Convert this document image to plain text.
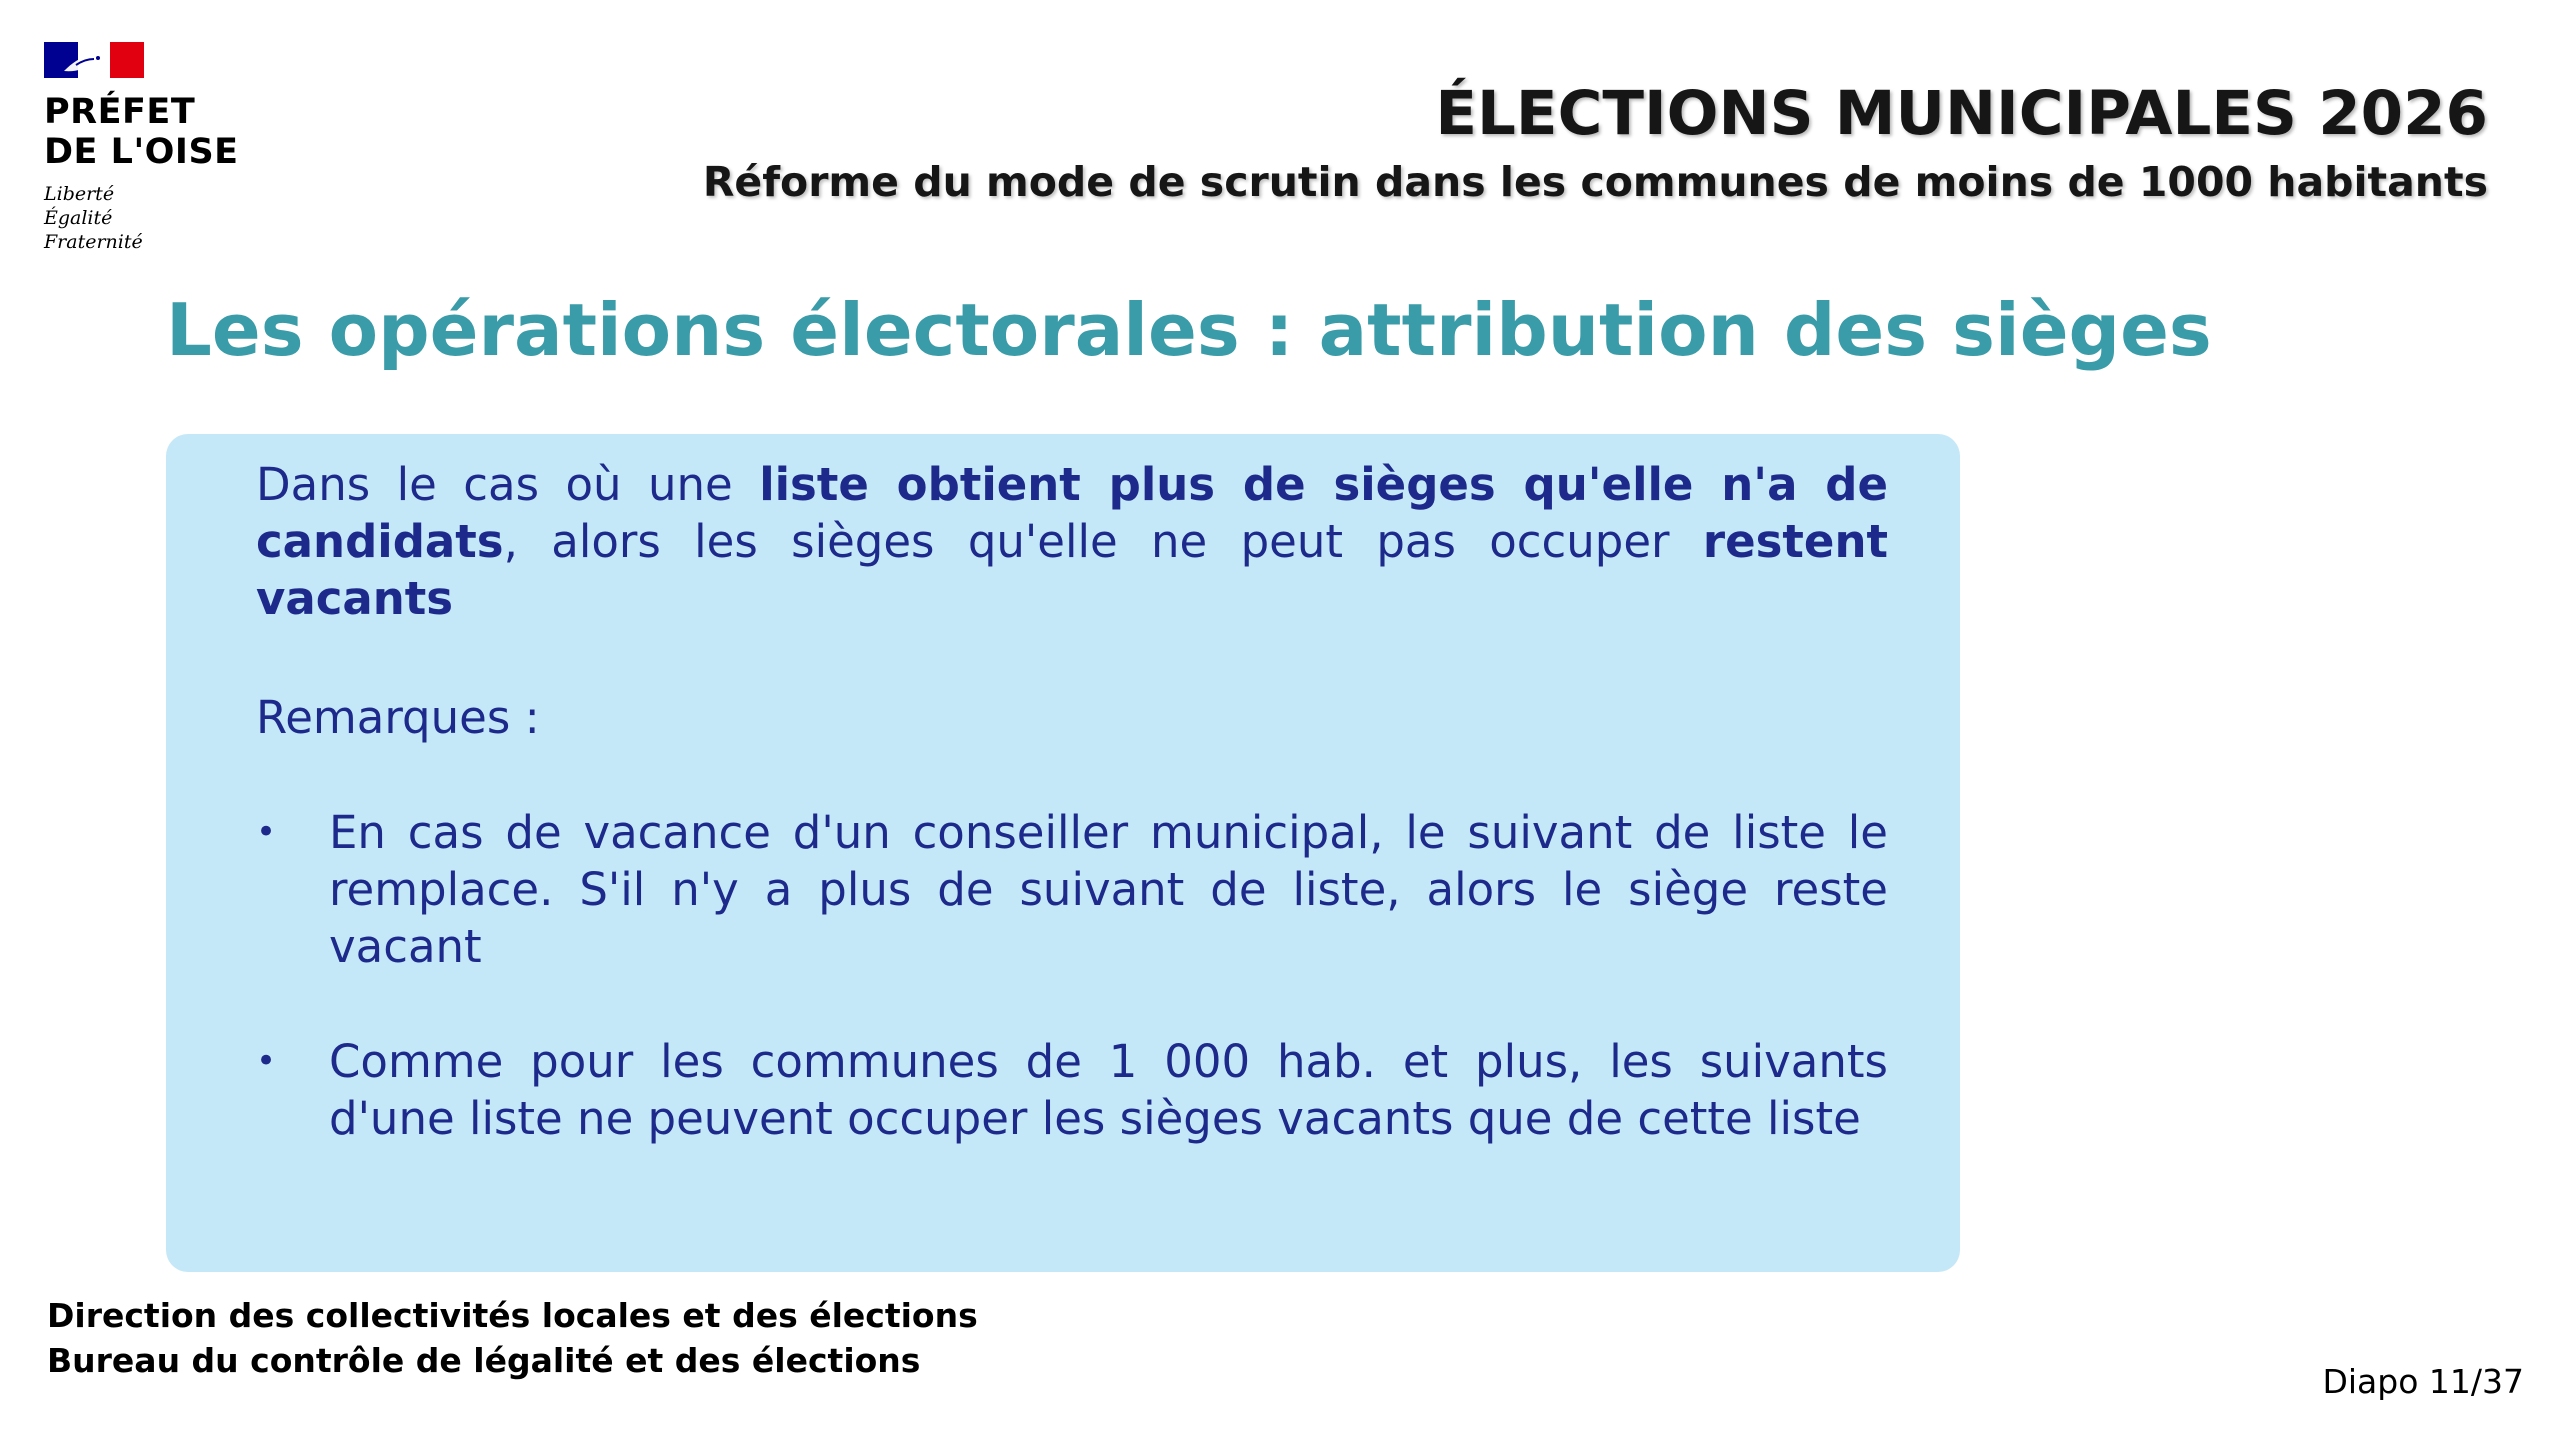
PRÉFET
DE L'OISE
Liberté
Égalité
Fraternité
ÉLECTIONS MUNICIPALES 2026
Réforme du mode de scrutin dans les communes de moins de 1000 habitants
Les opérations électorales : attribution des sièges
Dans le cas où une liste obtient plus de sièges qu'elle n'a de candidats, alors les sièges qu'elle ne peut pas occuper restent vacants
Remarques :
• En cas de vacance d'un conseiller municipal, le suivant de liste le remplace. S'il n'y a plus de suivant de liste, alors le siège reste vacant
• Comme pour les communes de 1 000 hab. et plus, les suivants d'une liste ne peuvent occuper les sièges vacants que de cette liste
Direction des collectivités locales et des élections
Bureau du contrôle de légalité et des élections
Diapo 11/37
